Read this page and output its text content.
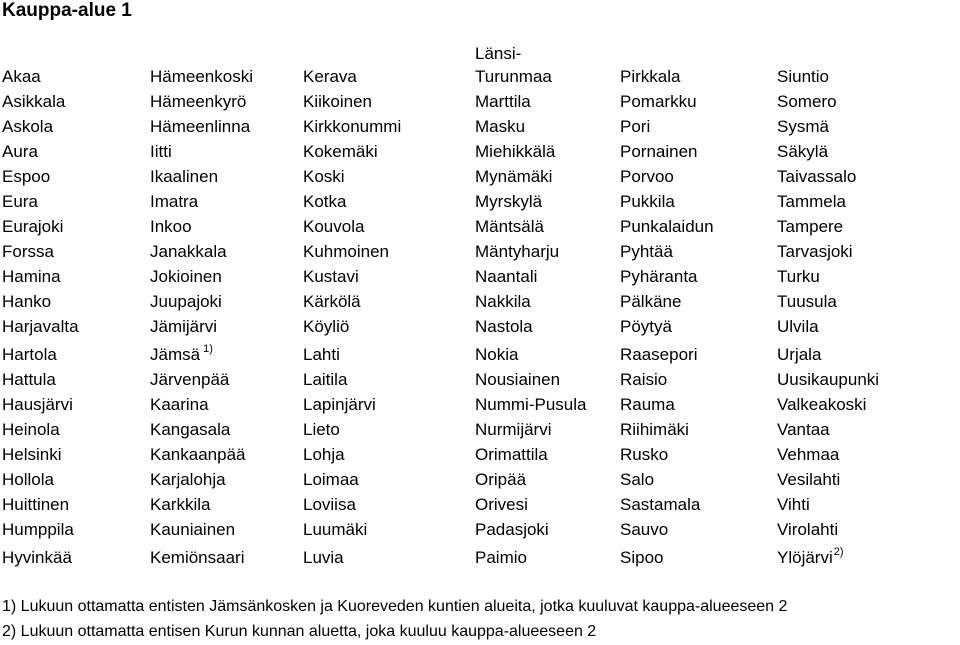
Kauppa-alue 1
Akaa
Asikkala
Askola
Aura
Espoo
Eura
Eurajoki
Forssa
Hamina
Hanko
Harjavalta
Hartola
Hattula
Hausjärvi
Heinola
Helsinki
Hollola
Huittinen
Humppila
Hyvinkää
Hämeenkoski
Hämeenkyrö
Hämeenlinna
Iitti
Ikaalinen
Imatra
Inkoo
Janakkala
Jokioinen
Juupajoki
Jämijärvi
Jämsä $^{1)}$
Järvenpää
Kaarina
Kangasala
Kankaanpää
Karjalohja
Karkkila
Kauniainen
Kemiönsaari
Kerava
Kiikoinen
Kirkkonummi
Kokemäki
Koski
Kotka
Kouvola
Kuhmoinen
Kustavi
Kärkölä
Köyliö
Lahti
Laitila
Lapinjärvi
Lieto
Lohja
Loimaa
Loviisa
Luumäki
Luvia
Länsi-
Turunmaa
Marttila
Masku
Miehikkälä
Mynämäki
Myrskylä
Mäntsälä
Mäntyharju
Naantali
Nakkila
Nastola
Nokia
Nousiainen
Nummi-Pusula
Nurmijärvi
Orimattila
Oripää
Orivesi
Padasjoki
Paimio
Pirkkala
Pomarkku
Pori
Pornainen
Porvoo
Pukkila
Punkalaidun
Pyhtää
Pyhäranta
Pälkäne
Pöytyä
Raasepori
Raisio
Rauma
Riihimäki
Rusko
Salo
Sastamala
Sauvo
Sipoo
Siuntio
Somero
Sysmä
Säkylä
Taivassalo
Tammela
Tampere
Tarvasjoki
Turku
Tuusula
Ulvila
Urjala
Uusikaupunki
Valkeakoski
Vantaa
Vehmaa
Vesilahti
Vihti
Virolahti
Ylöjärvi$^{2)}$
1) Lukuun ottamatta entisten Jämsänkosken ja Kuoreveden kuntien alueita, jotka kuuluvat kauppa-alueeseen 2
2) Lukuun ottamatta entisen Kurun kunnan aluetta, joka kuuluu kauppa-alueeseen 2
